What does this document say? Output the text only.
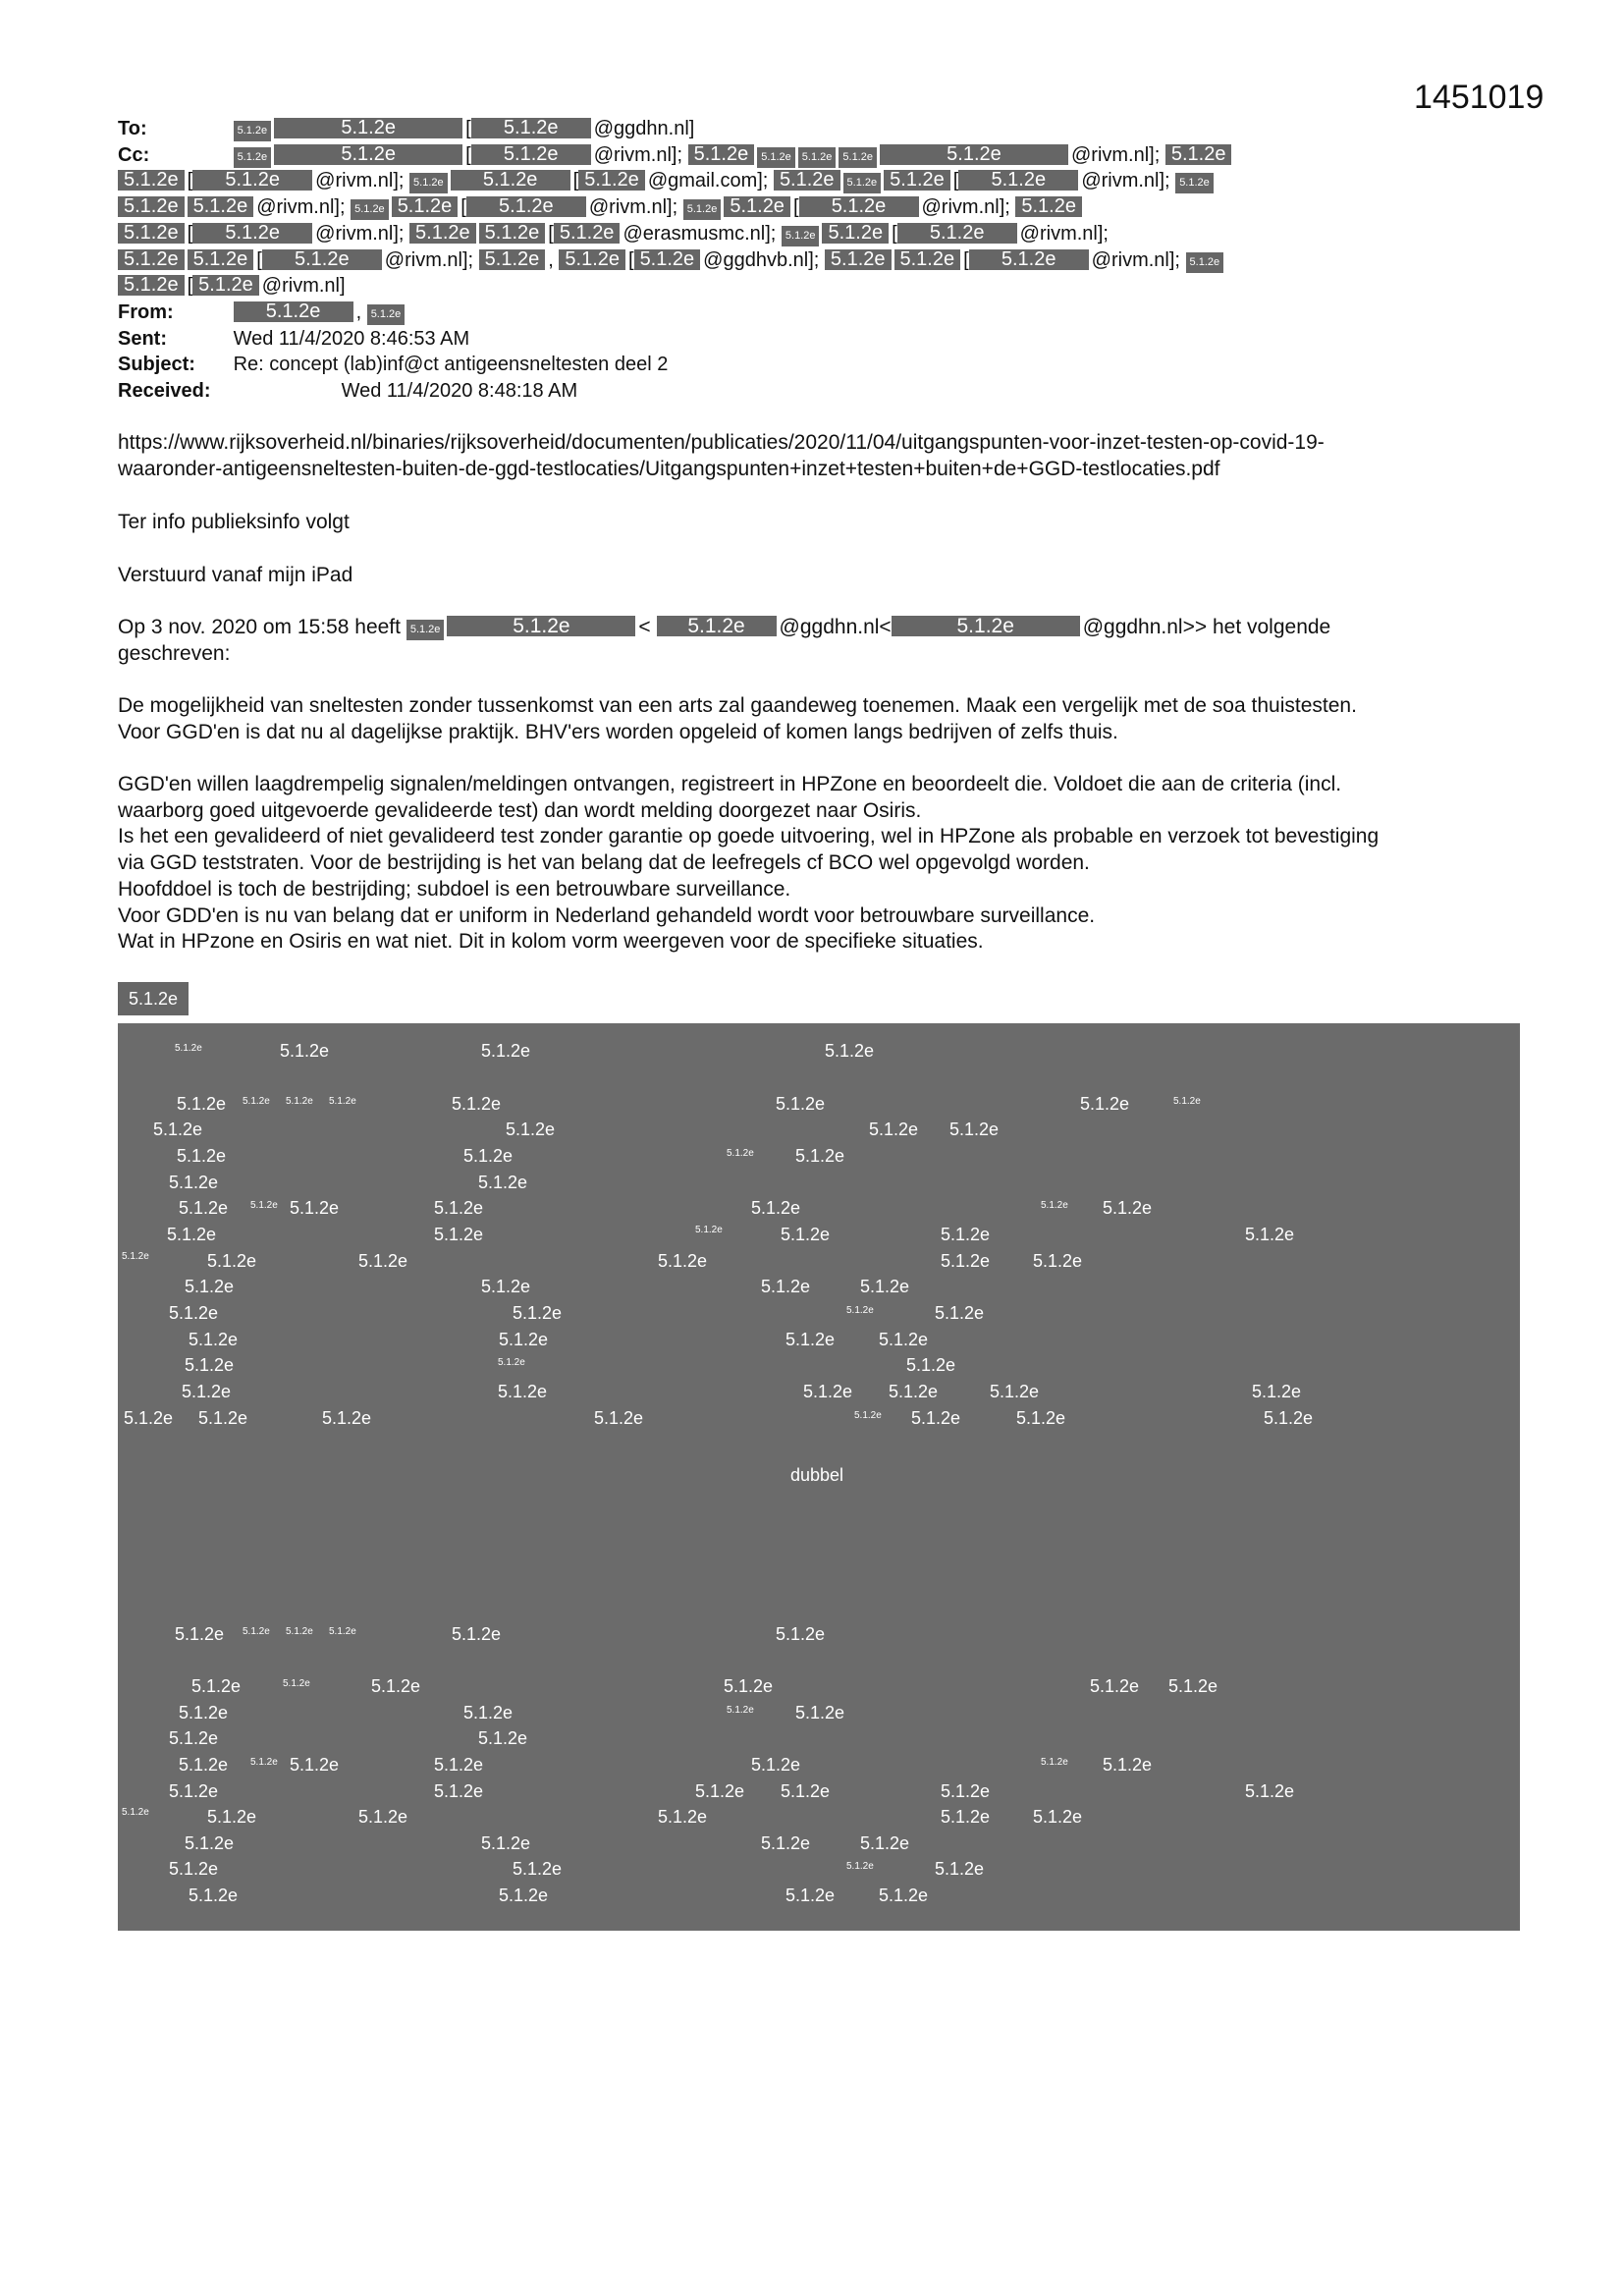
1451019
To:	5.1.2e	5.1.2e	[ 5.1.2e @ggdhn.nl]
Cc:	5.1.2e	5.1.2e	[ 5.1.2e @rivm.nl]; 5.1.2e 5.1.2e 5.1.2e 5.1.2e	5.1.2e	@rivm.nl]; 5.1.2e
5.1.2e [ 5.1.2e @rivm.nl]; 5.1.2e 5.1.2e [ 5.1.2e @gmail.com]; 5.1.2e 5.1.2e 5.1.2e [ 5.1.2e @rivm.nl]; 5.1.2e
5.1.2e 5.1.2e @rivm.nl]; 5.1.2e 5.1.2e [ 5.1.2e @rivm.nl]; 5.1.2e 5.1.2e [ 5.1.2e @rivm.nl]; 5.1.2e
5.1.2e [ 5.1.2e @rivm.nl]; 5.1.2e 5.1.2e [ 5.1.2e @erasmusmc.nl]; 5.1.2e 5.1.2e [ 5.1.2e @rivm.nl];
5.1.2e 5.1.2e [ 5.1.2e @rivm.nl]; 5.1.2e , 5.1.2e [ 5.1.2e @ggdhvb.nl]; 5.1.2e 5.1.2e [ 5.1.2e @rivm.nl]; 5.1.2e
5.1.2e [ 5.1.2e @rivm.nl]
From:	5.1.2e , 5.1.2e
Sent:	Wed 11/4/2020 8:46:53 AM
Subject: Re: concept (lab)inf@ct antigeensneltesten deel 2
Received:	Wed 11/4/2020 8:48:18 AM
https://www.rijksoverheid.nl/binaries/rijksoverheid/documenten/publicaties/2020/11/04/uitgangspunten-voor-inzet-testen-op-covid-19-
waaronder-antigeensneltesten-buiten-de-ggd-testlocaties/Uitgangspunten+inzet+testen+buiten+de+GGD-testlocaties.pdf
Ter info publieksinfo volgt
Verstuurd vanaf mijn iPad
Op 3 nov. 2020 om 15:58 heeft 5.1.2e	5.1.2e	< 5.1.2e @ggdhn.nl<	5.1.2e	@ggdhn.nl>> het volgende
geschreven:
De mogelijkheid van sneltesten zonder tussenkomst van een arts zal gaandeweg toenemen. Maak een vergelijk met de soa thuistesten.
Voor GGD'en is dat nu al dagelijkse praktijk. BHV'ers worden opgeleid of komen langs bedrijven of zelfs thuis.
GGD'en willen laagdrempelig signalen/meldingen ontvangen, registreert in HPZone en beoordeelt die. Voldoet die aan de criteria (incl.
waarborg goed uitgevoerde gevalideerde test) dan wordt melding doorgezet naar Osiris.
Is het een gevalideerd of niet gevalideerd test zonder garantie op goede uitvoering, wel in HPZone als probable en verzoek tot bevestiging
via GGD teststraten. Voor de bestrijding is het van belang dat de leefregels cf BCO wel opgevolgd worden.
Hoofddoel is toch de bestrijding; subdoel is een betrouwbare surveillance.
Voor GDD'en is nu van belang dat er uniform in Nederland gehandeld wordt voor betrouwbare surveillance.
Wat in HPzone en Osiris en wat niet. Dit in kolom vorm weergeven voor de specifieke situaties.
5.1.2e
dubbel
5.1.2e	5.1.2e	5.1.2e	5.1.2e
5.1.2e 5.1.2e 5.1.2e 5.1.2e	5.1.2e	5.1.2e	5.1.2e	5.1.2e
5.1.2e	5.1.2e	5.1.2e 5.1.2e
5.1.2e	5.1.2e	5.1.2e 5.1.2e
5.1.2e	5.1.2e
5.1.2e 5.1.2e 5.1.2e	5.1.2e	5.1.2e	5.1.2e 5.1.2e
5.1.2e	5.1.2e	5.1.2e	5.1.2e	5.1.2e	5.1.2e
5.1.2e	5.1.2e	5.1.2e	5.1.2e	5.1.2e 5.1.2e
5.1.2e	5.1.2e	5.1.2e	5.1.2e
5.1.2e	5.1.2e	5.1.2e	5.1.2e
5.1.2e	5.1.2e	5.1.2e 5.1.2e
5.1.2e	5.1.2e	5.1.2e
5.1.2e	5.1.2e	5.1.2e 5.1.2e	5.1.2e	5.1.2e
5.1.2e 5.1.2e	5.1.2e	5.1.2e	5.1.2e 5.1.2e	5.1.2e	5.1.2e
5.1.2e 5.1.2e 5.1.2e 5.1.2e	5.1.2e	5.1.2e
5.1.2e	5.1.2e	5.1.2e	5.1.2e	5.1.2e 5.1.2e
5.1.2e	5.1.2e	5.1.2e 5.1.2e
5.1.2e	5.1.2e
5.1.2e 5.1.2e 5.1.2e	5.1.2e	5.1.2e	5.1.2e 5.1.2e
5.1.2e	5.1.2e	5.1.2e 5.1.2e	5.1.2e	5.1.2e
5.1.2e	5.1.2e	5.1.2e	5.1.2e	5.1.2e 5.1.2e
5.1.2e	5.1.2e	5.1.2e	5.1.2e
5.1.2e	5.1.2e	5.1.2e	5.1.2e
5.1.2e	5.1.2e	5.1.2e 5.1.2e
